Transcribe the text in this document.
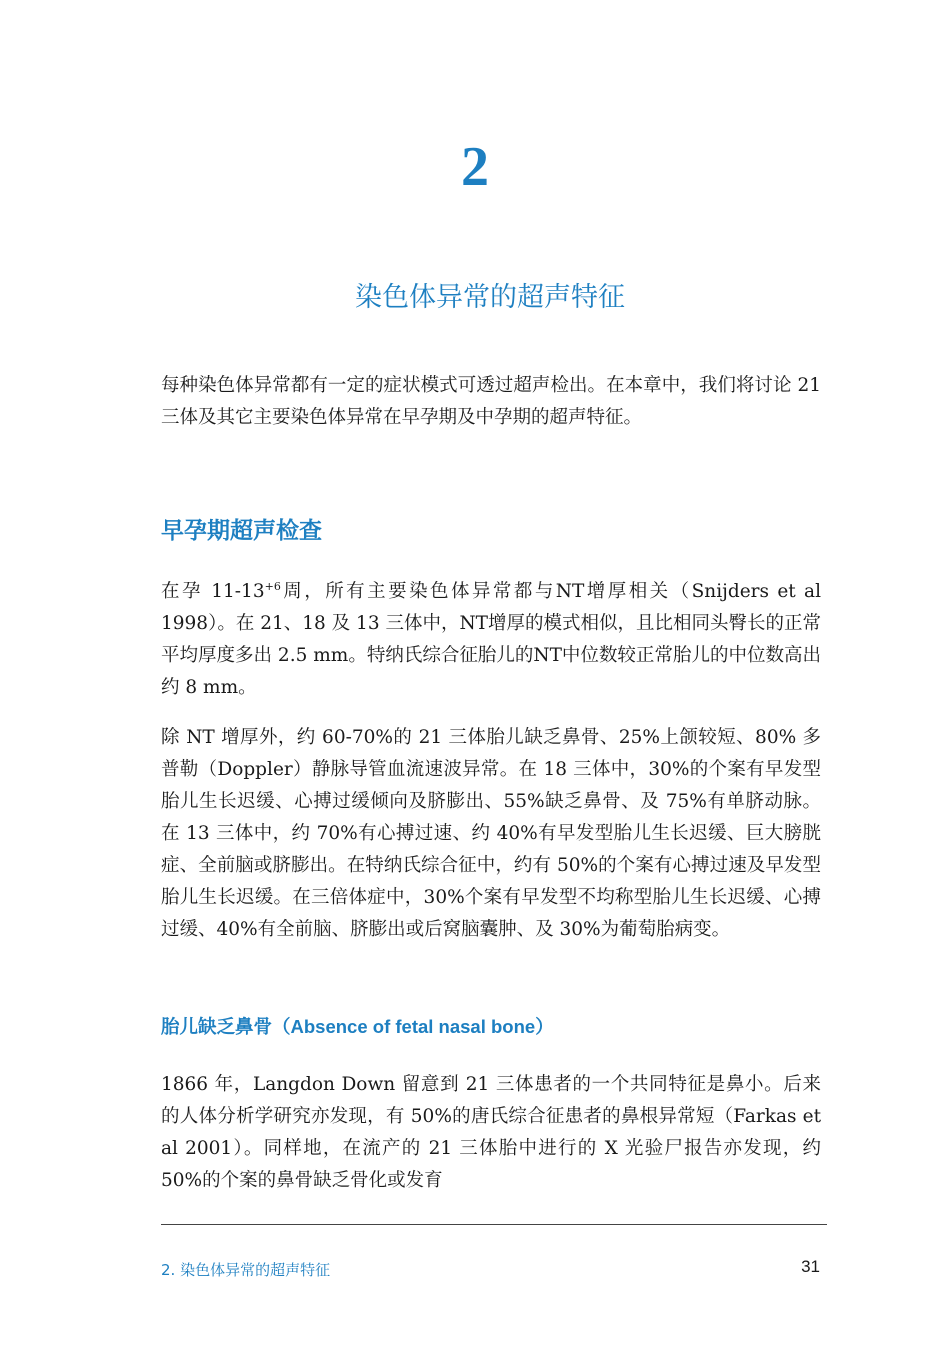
2
染色体异常的超声特征

每种染色体异常都有一定的症状模式可透过超声检出。在本章中，我们将讨论 21 三体及其它主要染色体异常在早孕期及中孕期的超声特征。

早孕期超声检查

在孕 $11-13^{+6}$周，所有主要染色体异常都与NT增厚相关（Snijders et al 1998）。在 21、18 及 13 三体中，NT增厚的模式相似，且比相同头臀长的正常平均厚度多出 2.5 mm。特纳氏综合征胎儿的NT中位数较正常胎儿的中位数高出约 8 mm。

除 NT 增厚外，约 60-70%的 21 三体胎儿缺乏鼻骨、25%上颌较短、80% 多普勒（Doppler）静脉导管血流速波异常。在 18 三体中，30%的个案有早发型胎儿生长迟缓、心搏过缓倾向及脐膨出、55%缺乏鼻骨、及 75%有单脐动脉。在 13 三体中，约 70%有心搏过速、约 40%有早发型胎儿生长迟缓、巨大膀胱症、全前脑或脐膨出。在特纳氏综合征中，约有 50%的个案有心搏过速及早发型胎儿生长迟缓。在三倍体症中，30%个案有早发型不均称型胎儿生长迟缓、心搏过缓、40%有全前脑、脐膨出或后窝脑囊肿、及 30%为葡萄胎病变。

胎儿缺乏鼻骨（Absence of fetal nasal bone）

1866 年，Langdon Down 留意到 21 三体患者的一个共同特征是鼻小。后来的人体分析学研究亦发现，有 50%的唐氏综合征患者的鼻根异常短（Farkas et al 2001）。同样地，在流产的 21 三体胎中进行的 X 光验尸报告亦发现，约 50%的个案的鼻骨缺乏骨化或发育

2. 染色体异常的超声特征	31
